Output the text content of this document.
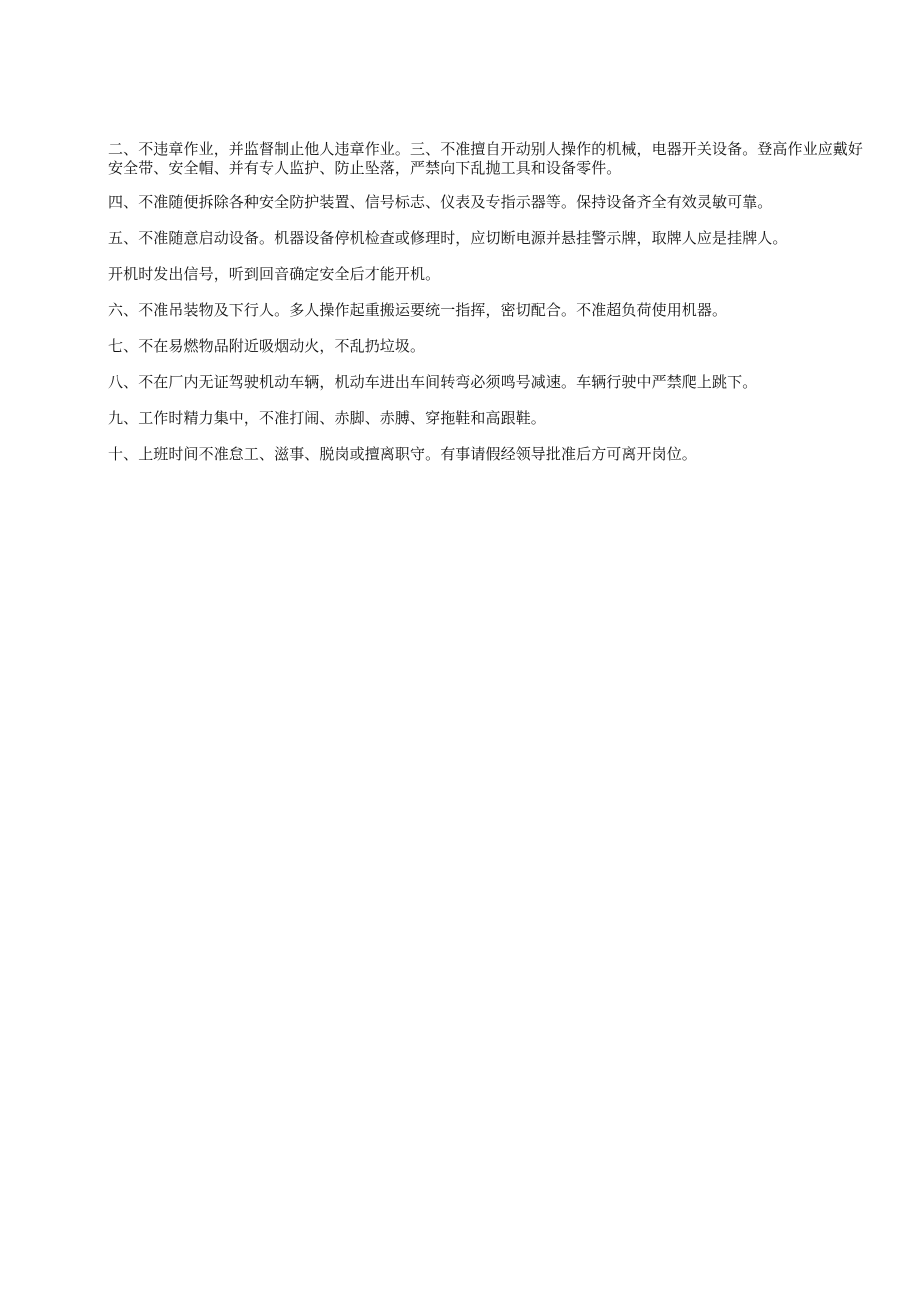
二、不违章作业，并监督制止他人违章作业。三、不准擅自开动别人操作的机械，电器开关设备。登高作业应戴好安全带、安全帽、并有专人监护、防止坠落，严禁向下乱抛工具和设备零件。

四、不准随便拆除各种安全防护装置、信号标志、仪表及专指示器等。保持设备齐全有效灵敏可靠。

五、不准随意启动设备。机器设备停机检查或修理时，应切断电源并悬挂警示牌，取牌人应是挂牌人。

开机时发出信号，听到回音确定安全后才能开机。

六、不准吊装物及下行人。多人操作起重搬运要统一指挥，密切配合。不准超负荷使用机器。

七、不在易燃物品附近吸烟动火，不乱扔垃圾。

八、不在厂内无证驾驶机动车辆，机动车进出车间转弯必须鸣号减速。车辆行驶中严禁爬上跳下。

九、工作时精力集中，不准打闹、赤脚、赤膊、穿拖鞋和高跟鞋。

十、上班时间不准怠工、滋事、脱岗或擅离职守。有事请假经领导批准后方可离开岗位。
